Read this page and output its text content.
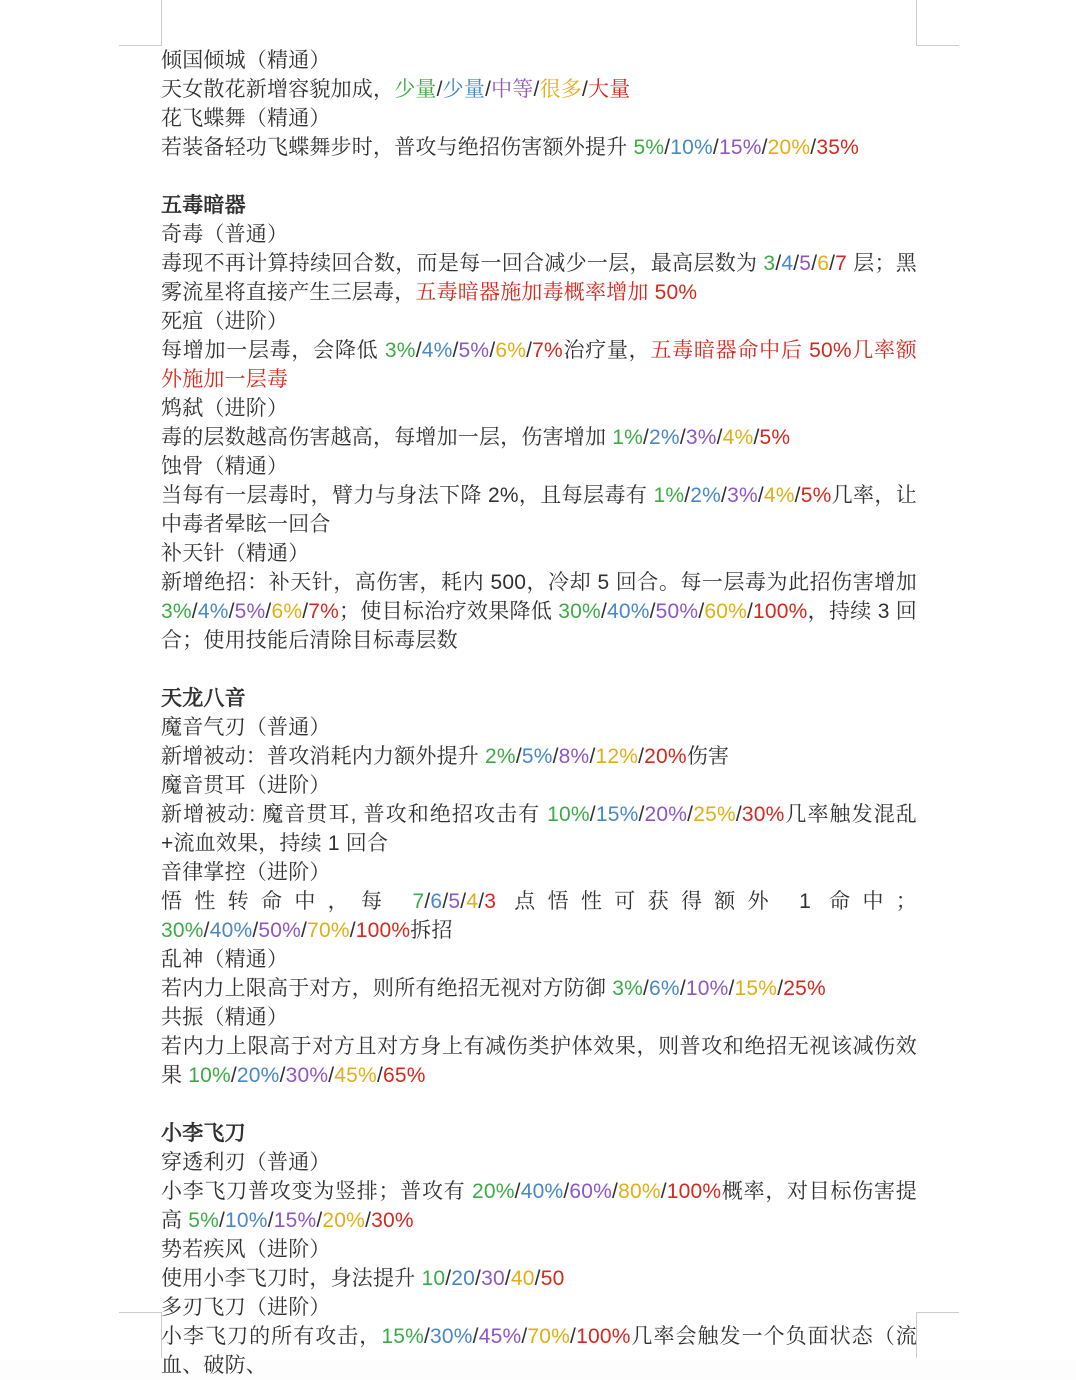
倾国倾城（精通）
天女散花新增容貌加成，少量/少量/中等/很多/大量
花飞蝶舞（精通）
若装备轻功飞蝶舞步时，普攻与绝招伤害额外提升 5%/10%/15%/20%/35%
五毒暗器
奇毒（普通）
毒现不再计算持续回合数，而是每一回合减少一层，最高层数为 3/4/5/6/7 层；黑雾流星将直接产生三层毒，五毒暗器施加毒概率增加 50%
死疽（进阶）
每增加一层毒，会降低 3%/4%/5%/6%/7%治疗量，五毒暗器命中后 50%几率额外施加一层毒
鸩弑（进阶）
毒的层数越高伤害越高，每增加一层，伤害增加 1%/2%/3%/4%/5%
蚀骨（精通）
当每有一层毒时，臂力与身法下降 2%，且每层毒有 1%/2%/3%/4%/5%几率，让中毒者晕眩一回合
补天针（精通）
新增绝招：补天针，高伤害，耗内 500，冷却 5 回合。每一层毒为此招伤害增加 3%/4%/5%/6%/7%；使目标治疗效果降低 30%/40%/50%/60%/100%，持续 3 回合；使用技能后清除目标毒层数
天龙八音
魔音气刃（普通）
新增被动：普攻消耗内力额外提升 2%/5%/8%/12%/20%伤害
魔音贯耳（进阶）
新增被动: 魔音贯耳, 普攻和绝招攻击有 10%/15%/20%/25%/30%几率触发混乱+流血效果，持续 1 回合
音律掌控（进阶）
悟性转命中，每 7/6/5/4/3 点悟性可获得额外 1 命中； 30%/40%/50%/70%/100%拆招
乱神（精通）
若内力上限高于对方，则所有绝招无视对方防御 3%/6%/10%/15%/25%
共振（精通）
若内力上限高于对方且对方身上有减伤类护体效果，则普攻和绝招无视该减伤效果 10%/20%/30%/45%/65%
小李飞刀
穿透利刃（普通）
小李飞刀普攻变为竖排；普攻有 20%/40%/60%/80%/100%概率，对目标伤害提高 5%/10%/15%/20%/30%
势若疾风（进阶）
使用小李飞刀时，身法提升 10/20/30/40/50
多刃飞刀（进阶）
小李飞刀的所有攻击，15%/30%/45%/70%/100%几率会触发一个负面状态（流血、破防、
